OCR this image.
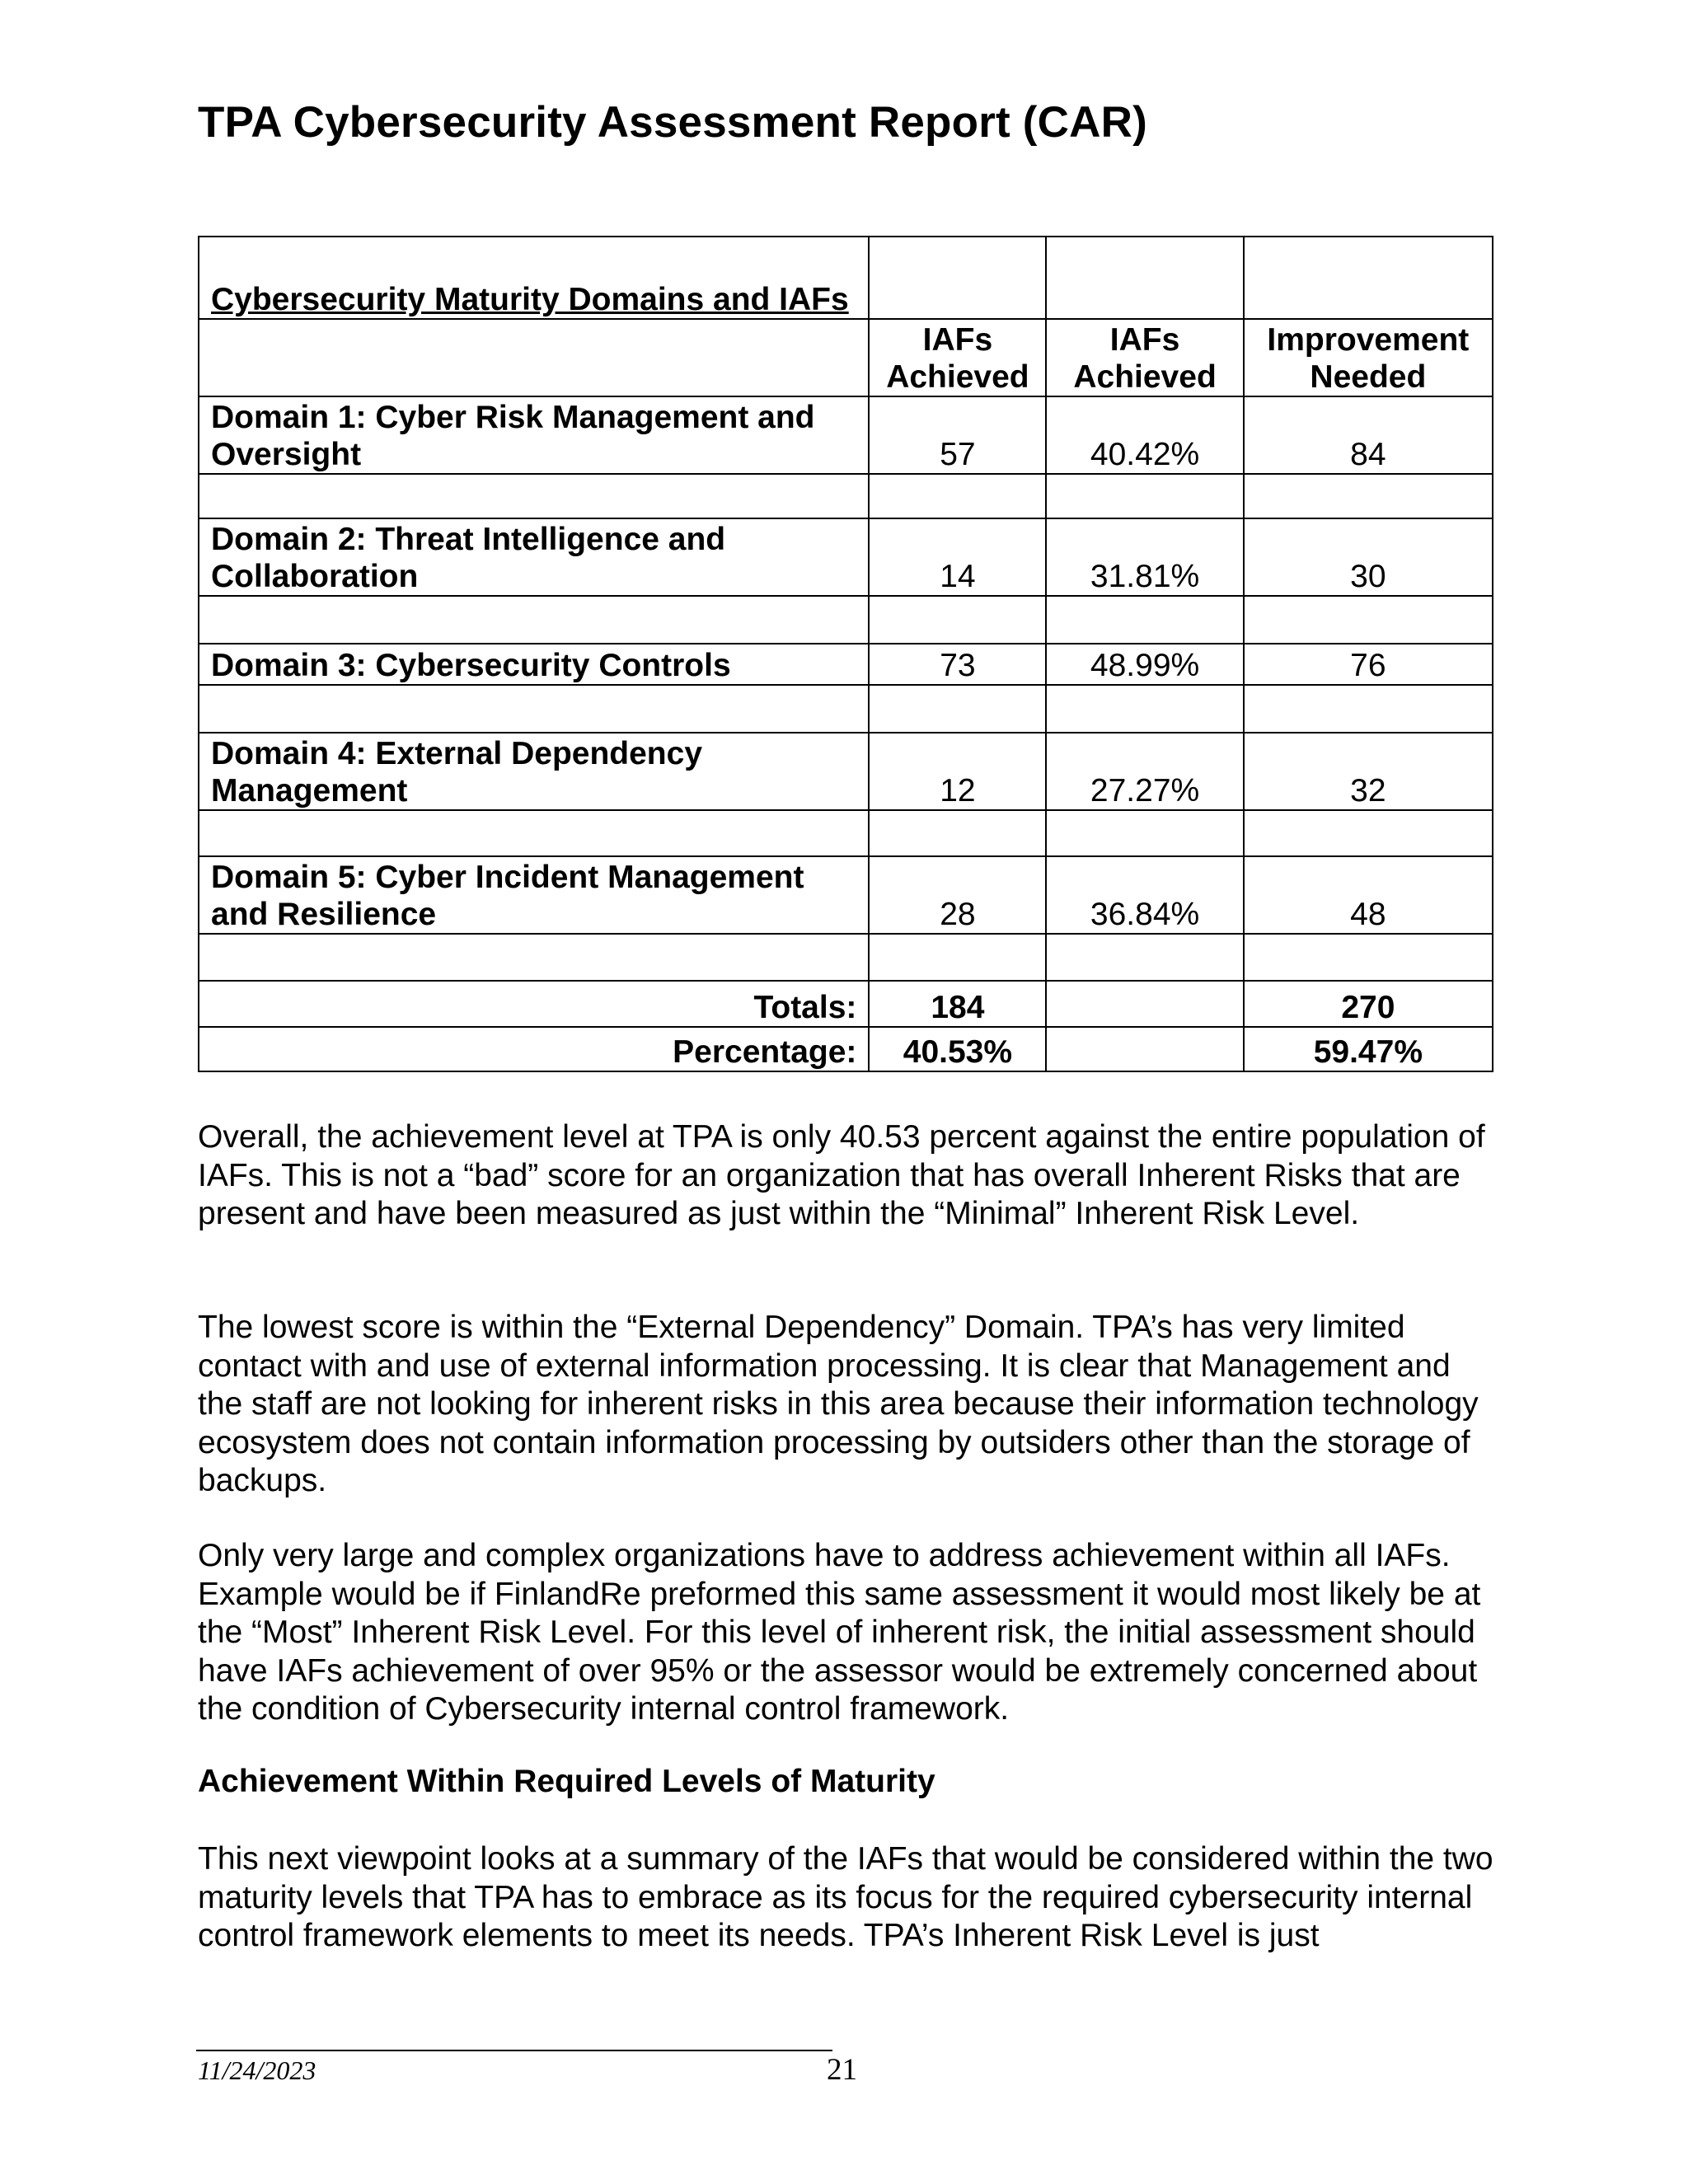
TPA Cybersecurity Assessment Report (CAR)
Cybersecurity Maturity Domains and IAFs			
	IAFs Achieved	IAFs Achieved	Improvement Needed
Domain 1: Cyber Risk Management and Oversight	57	40.42%	84

Domain 2: Threat Intelligence and Collaboration	14	31.81%	30

Domain 3: Cybersecurity Controls	73	48.99%	76

Domain 4: External Dependency Management	12	27.27%	32

Domain 5: Cyber Incident Management and Resilience	28	36.84%	48

Totals:	184		270
Percentage:	40.53%		59.47%

Overall, the achievement level at TPA is only 40.53 percent against the entire population of IAFs. This is not a “bad” score for an organization that has overall Inherent Risks that are present and have been measured as just within the “Minimal” Inherent Risk Level.

The lowest score is within the “External Dependency” Domain. TPA’s has very limited contact with and use of external information processing. It is clear that Management and the staff are not looking for inherent risks in this area because their information technology ecosystem does not contain information processing by outsiders other than the storage of backups.

Only very large and complex organizations have to address achievement within all IAFs. Example would be if FinlandRe preformed this same assessment it would most likely be at the “Most” Inherent Risk Level. For this level of inherent risk, the initial assessment should have IAFs achievement of over 95% or the assessor would be extremely concerned about the condition of Cybersecurity internal control framework.

Achievement Within Required Levels of Maturity

This next viewpoint looks at a summary of the IAFs that would be considered within the two maturity levels that TPA has to embrace as its focus for the required cybersecurity internal control framework elements to meet its needs. TPA’s Inherent Risk Level is just

11/24/2023	21
